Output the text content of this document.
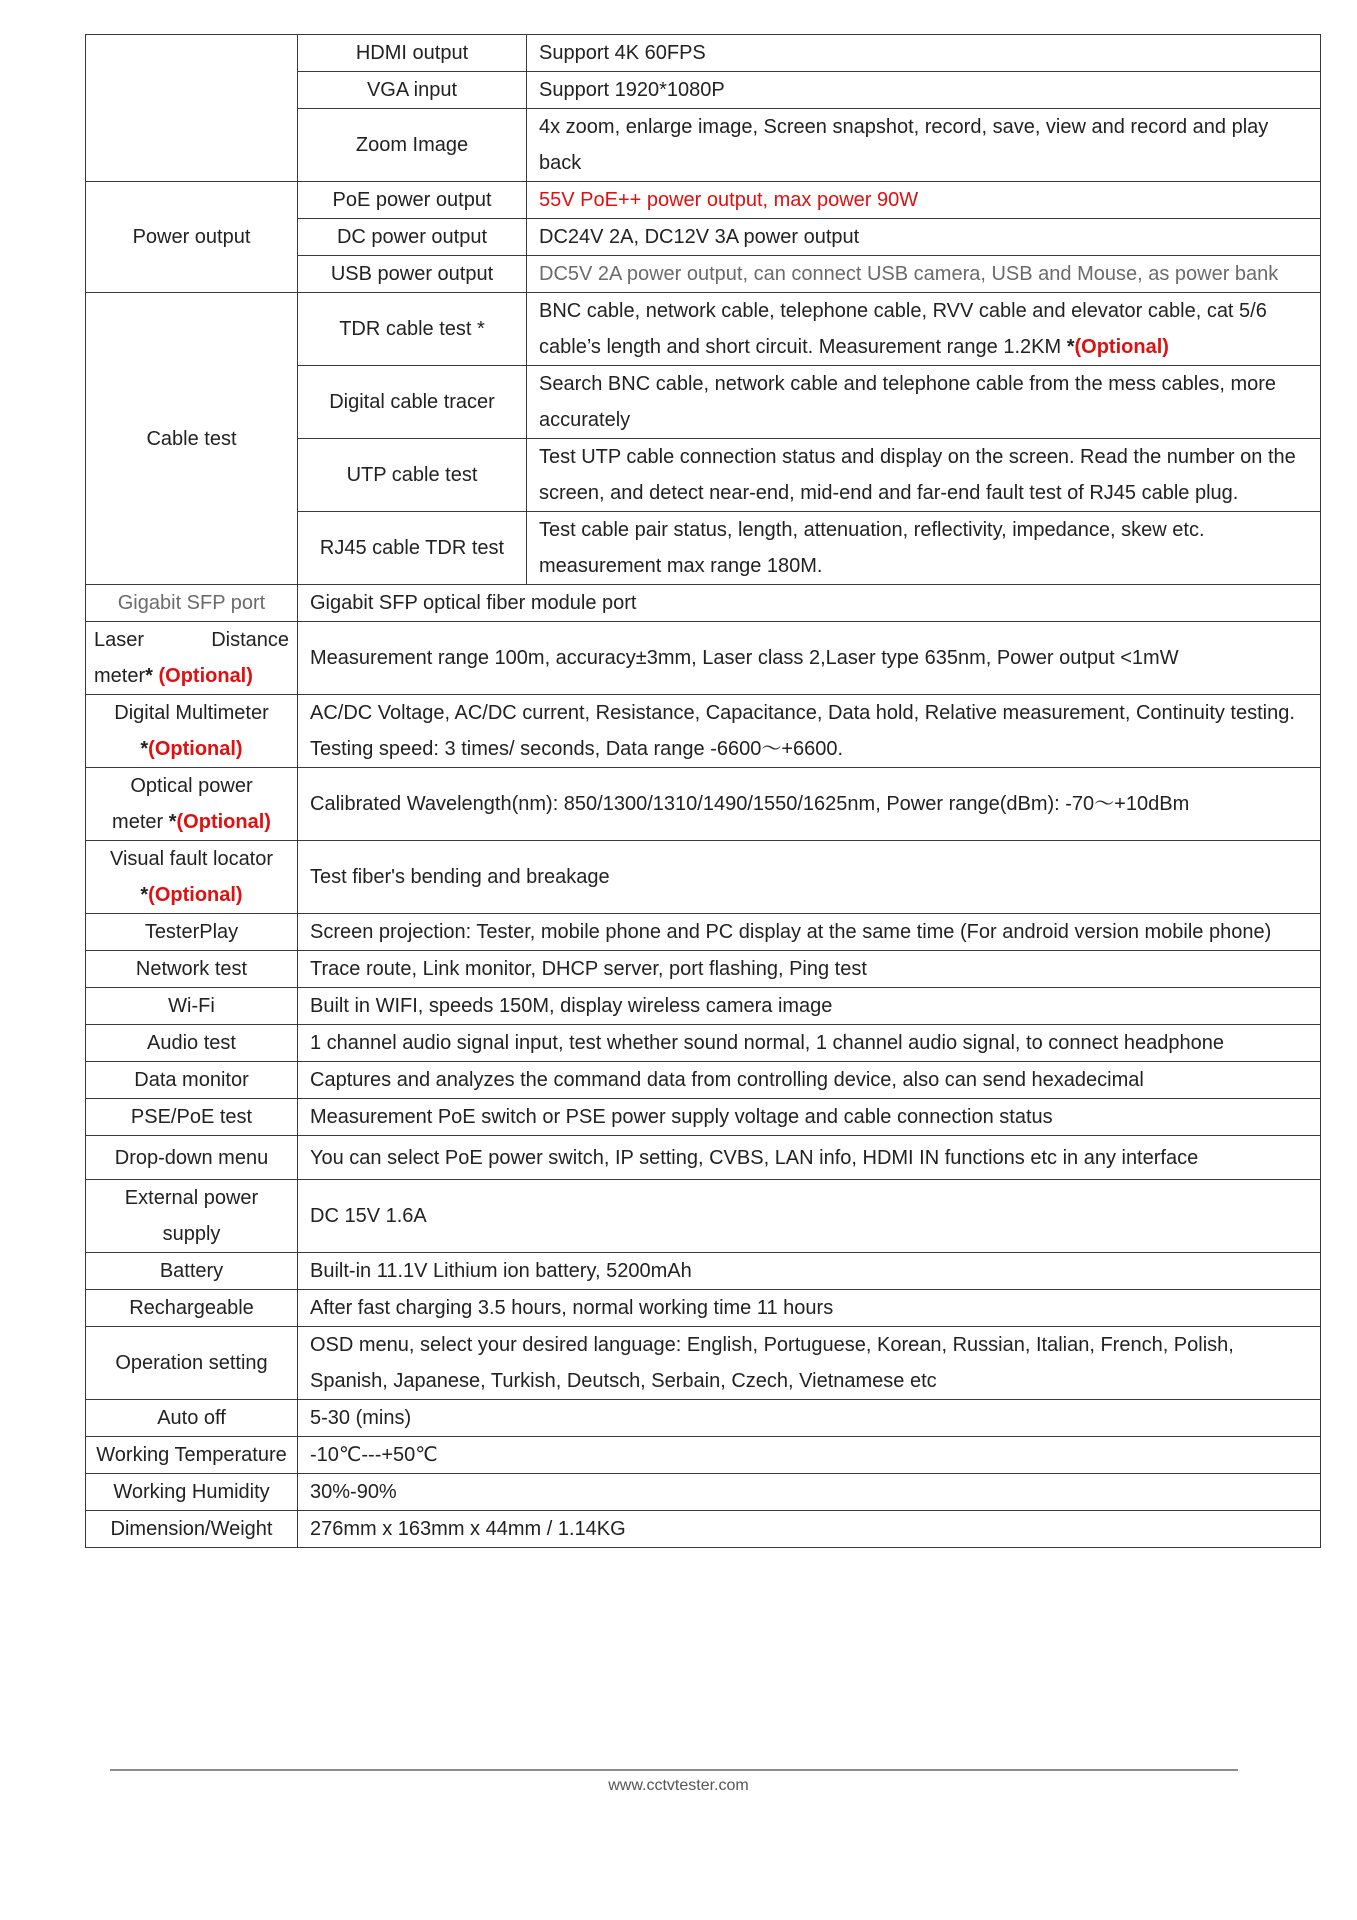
	HDMI output	Support 4K 60FPS
	VGA input	Support 1920*1080P
	Zoom Image	4x zoom, enlarge image, Screen snapshot, record, save, view and record and play back
Power output	PoE power output	55V PoE++ power output, max power 90W
	DC power output	DC24V 2A, DC12V 3A power output
	USB power output	DC5V 2A power output, can connect USB camera, USB and Mouse, as power bank
Cable test	TDR cable test *	BNC cable, network cable, telephone cable, RVV cable and elevator cable, cat 5/6 cable’s length and short circuit. Measurement range 1.2KM *(Optional)
	Digital cable tracer	Search BNC cable, network cable and telephone cable from the mess cables, more accurately
	UTP cable test	Test UTP cable connection status and display on the screen. Read the number on the screen, and detect near-end, mid-end and far-end fault test of RJ45 cable plug.
	RJ45 cable TDR test	Test cable pair status, length, attenuation, reflectivity, impedance, skew etc. measurement max range 180M.
Gigabit SFP port	Gigabit SFP optical fiber module port	

Laser Distance
meter* (Optional)	Measurement range 100m, accuracy±3mm, Laser class 2,Laser type 635nm, Power output <1mW	

Digital Multimeter
*(Optional)	AC/DC Voltage, AC/DC current, Resistance, Capacitance, Data hold, Relative measurement, Continuity testing. Testing speed: 3 times/ seconds, Data range -6600～+6600.	

Optical power
meter *(Optional)	Calibrated Wavelength(nm): 850/1300/1310/1490/1550/1625nm, Power range(dBm): -70～+10dBm	

Visual fault locator
*(Optional)	Test fiber's bending and breakage	
TesterPlay	Screen projection: Tester, mobile phone and PC display at the same time (For android version mobile phone)	
Network test	Trace route, Link monitor, DHCP server, port flashing, Ping test	
Wi-Fi	Built in WIFI, speeds 150M, display wireless camera image	
Audio test	1 channel audio signal input, test whether sound normal, 1 channel audio signal, to connect headphone	
Data monitor	Captures and analyzes the command data from controlling device, also can send hexadecimal	
PSE/PoE test	Measurement PoE switch or PSE power supply voltage and cable connection status	
Drop-down menu	You can select PoE power switch, IP setting, CVBS, LAN info, HDMI IN functions etc in any interface	
External power supply	DC 15V 1.6A	
Battery	Built-in 11.1V Lithium ion battery, 5200mAh	
Rechargeable	After fast charging 3.5 hours, normal working time 11 hours	
Operation setting	OSD menu, select your desired language: English, Portuguese, Korean, Russian, Italian, French, Polish, Spanish, Japanese, Turkish, Deutsch, Serbain, Czech, Vietnamese etc	
Auto off	5-30 (mins)	
Working Temperature	-10℃---+50℃	
Working Humidity	30%-90%	
Dimension/Weight	276mm x 163mm x 44mm / 1.14KG	
www.cctvtester.com
